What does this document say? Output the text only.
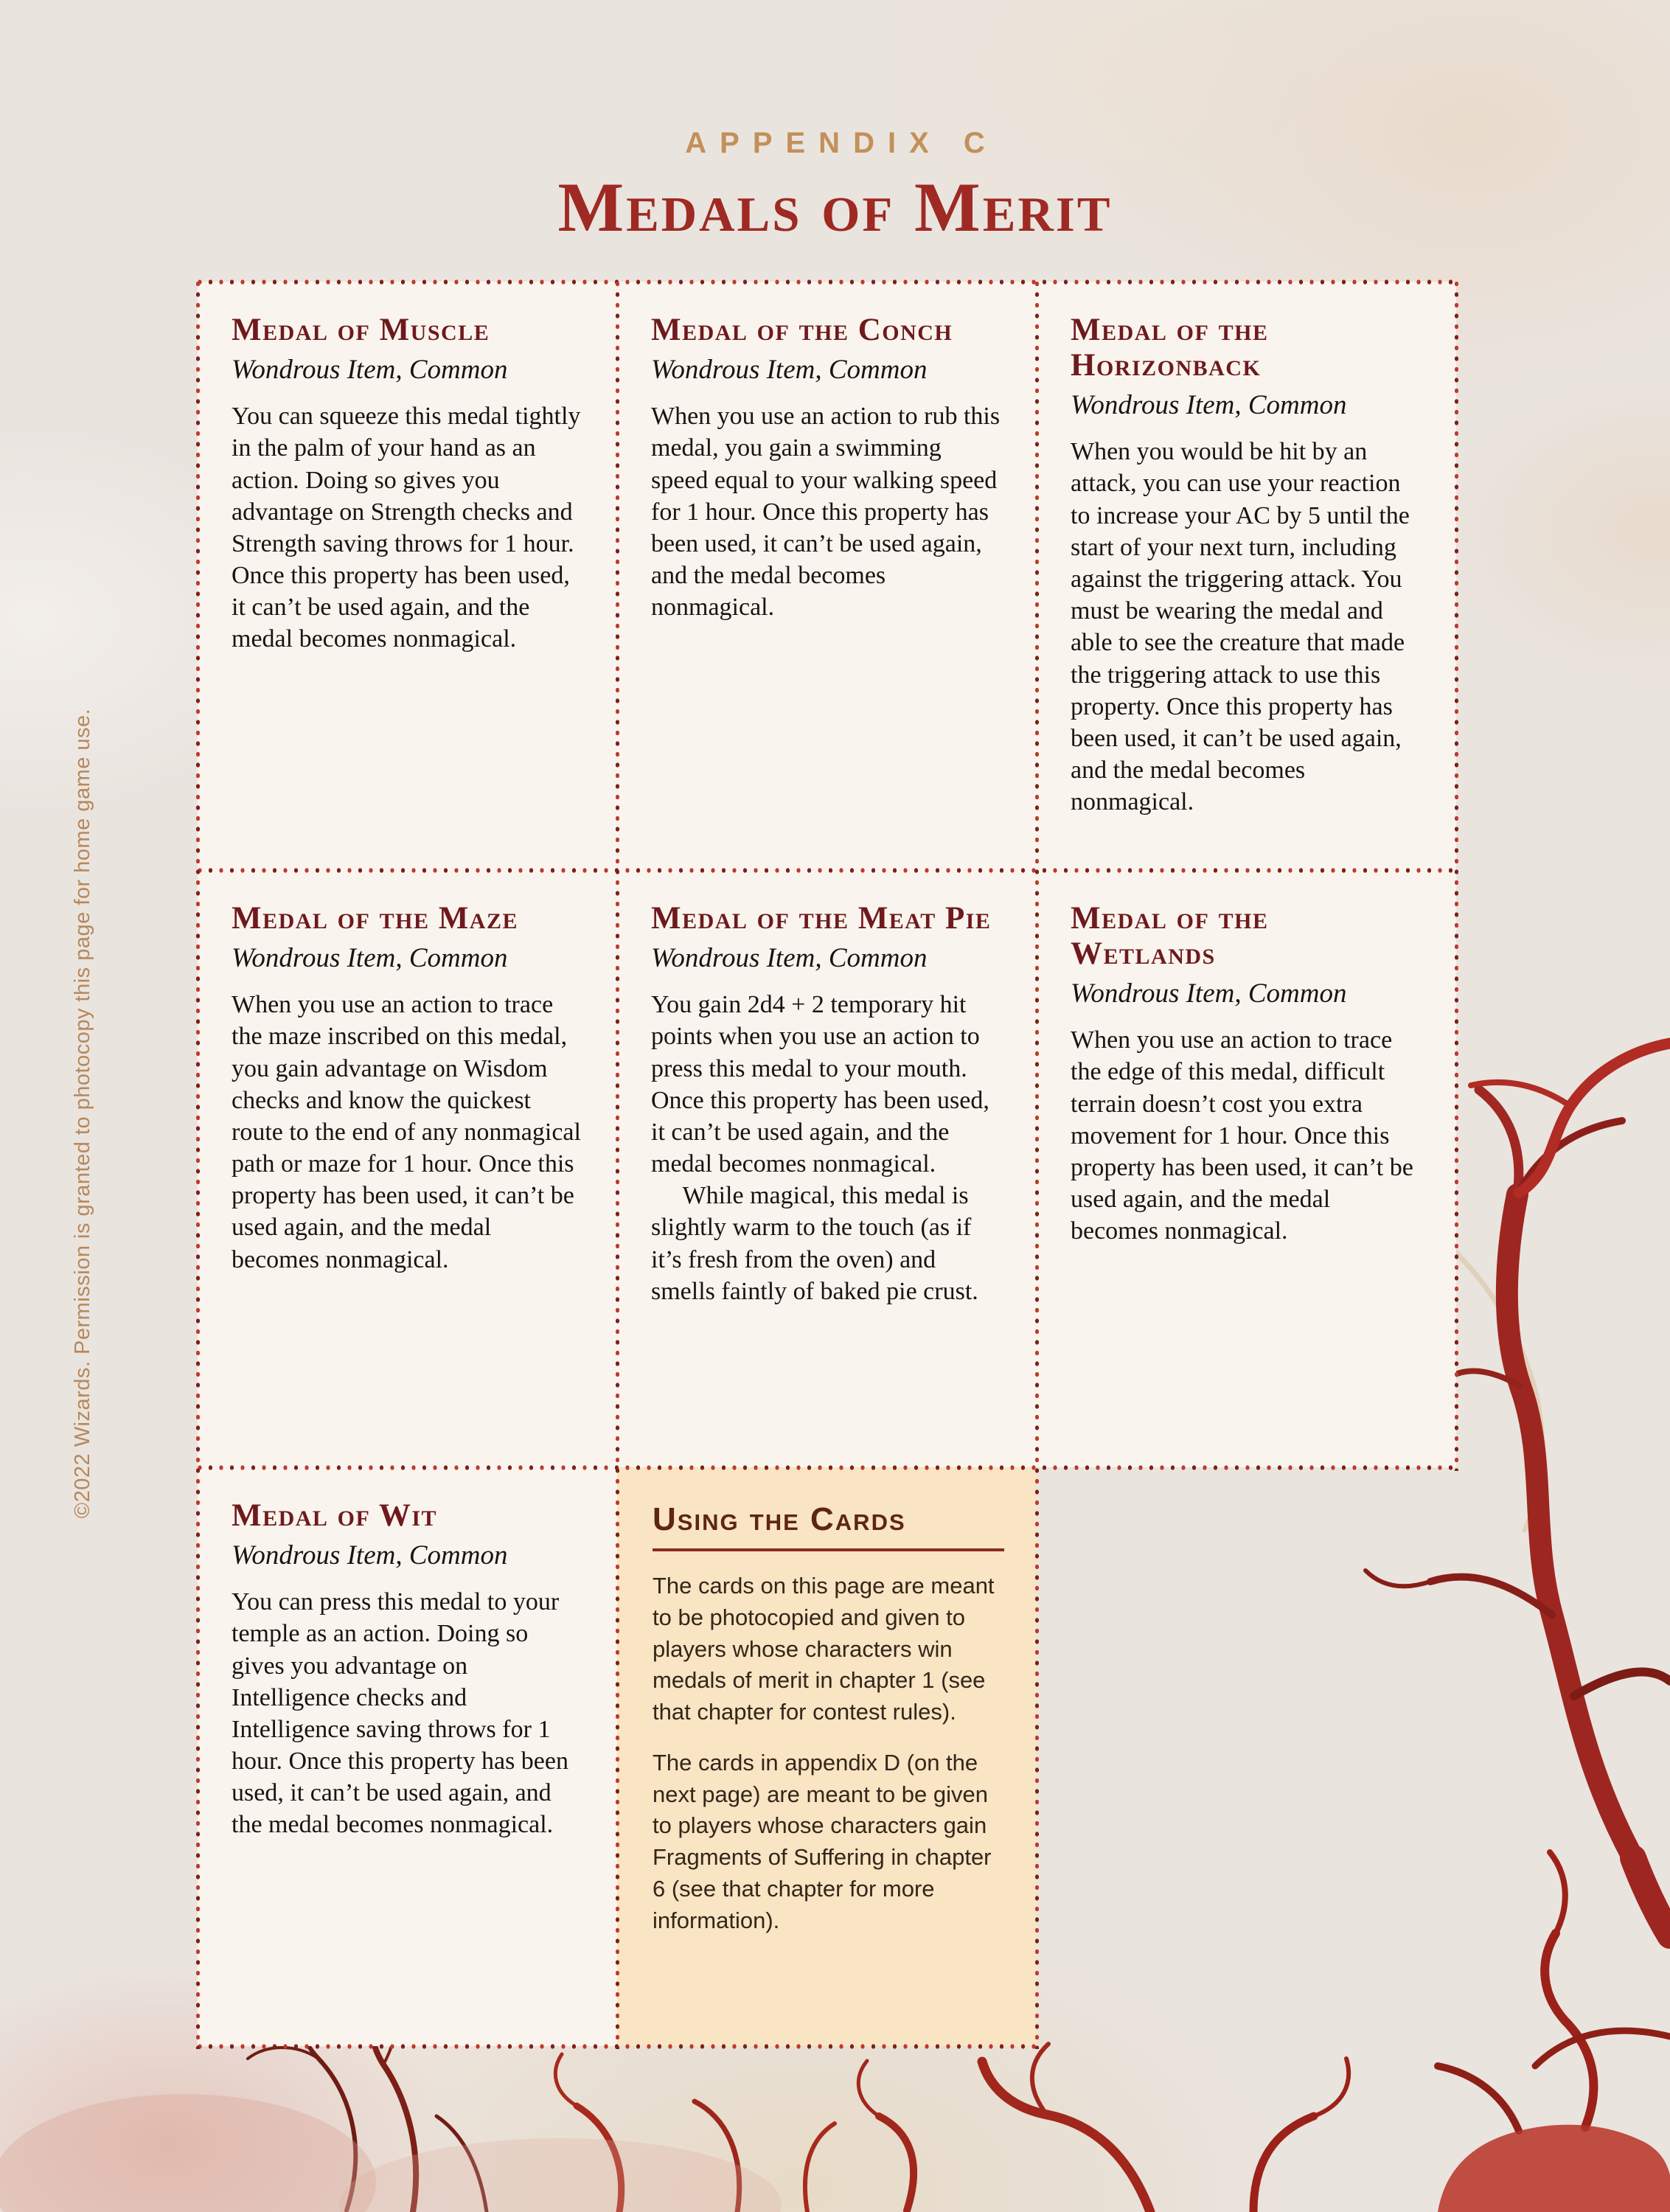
APPENDIX C
Medals of Merit
©2022 Wizards. Permission is granted to photocopy this page for home game use.
Medal of Muscle
Wondrous Item, Common

You can squeeze this medal tightly in the palm of your hand as an action. Doing so gives you advantage on Strength checks and Strength saving throws for 1 hour. Once this property has been used, it can’t be used again, and the medal becomes nonmagical.

Medal of the Conch
Wondrous Item, Common

When you use an action to rub this medal, you gain a swimming speed equal to your walking speed for 1 hour. Once this property has been used, it can’t be used again, and the medal becomes nonmagical.

Medal of the Horizonback
Wondrous Item, Common

When you would be hit by an attack, you can use your reaction to increase your AC by 5 until the start of your next turn, including against the triggering attack. You must be wearing the medal and able to see the creature that made the triggering attack to use this property. Once this property has been used, it can’t be used again, and the medal becomes nonmagical.

Medal of the Maze
Wondrous Item, Common

When you use an action to trace the maze inscribed on this medal, you gain advantage on Wisdom checks and know the quickest route to the end of any nonmagical path or maze for 1 hour. Once this property has been used, it can’t be used again, and the medal becomes nonmagical.

Medal of the Meat Pie
Wondrous Item, Common

You gain 2d4 + 2 temporary hit points when you use an action to press this medal to your mouth. Once this property has been used, it can’t be used again, and the medal becomes nonmagical.

While magical, this medal is slightly warm to the touch (as if it’s fresh from the oven) and smells faintly of baked pie crust.

Medal of the Wetlands
Wondrous Item, Common

When you use an action to trace the edge of this medal, difficult terrain doesn’t cost you extra movement for 1 hour. Once this property has been used, it can’t be used again, and the medal becomes nonmagical.

Medal of Wit
Wondrous Item, Common

You can press this medal to your temple as an action. Doing so gives you advantage on Intelligence checks and Intelligence saving throws for 1 hour. Once this property has been used, it can’t be used again, and the medal becomes nonmagical.

Using the Cards

The cards on this page are meant to be photocopied and given to players whose characters win medals of merit in chapter 1 (see that chapter for contest rules).

The cards in appendix D (on the next page) are meant to be given to players whose characters gain Fragments of Suffering in chapter 6 (see that chapter for more information).
